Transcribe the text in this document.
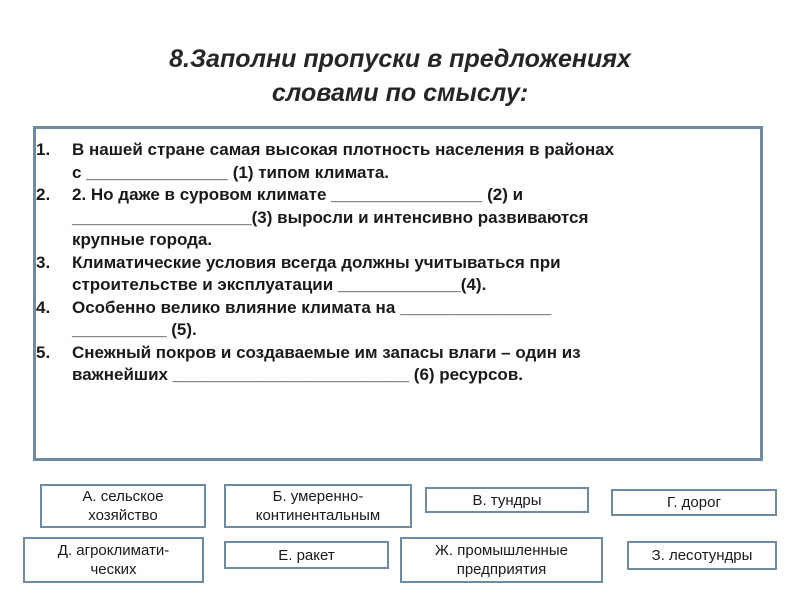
8.Заполни пропуски в предложениях
словами по смыслу:
1.	В нашей стране самая высокая плотность населения в районах
с _______________ (1) типом климата.
2.	2. Но даже в суровом климате ________________ (2) и
___________________(3) выросли и интенсивно развиваются
крупные города.
3.	Климатические условия всегда должны учитываться при
строительстве и эксплуатации _____________(4).
4.	Особенно велико влияние климата на ________________
__________ (5).
5.	Снежный покров и создаваемые им запасы влаги – один из
важнейших _________________________ (6) ресурсов.
А. сельское
хозяйство
Б. умеренно-
континентальным
В. тундры	Г. дорог
Д. агроклимати-
ческих
Е. ракет	Ж. промышленные
предприятия
З. лесотундры
